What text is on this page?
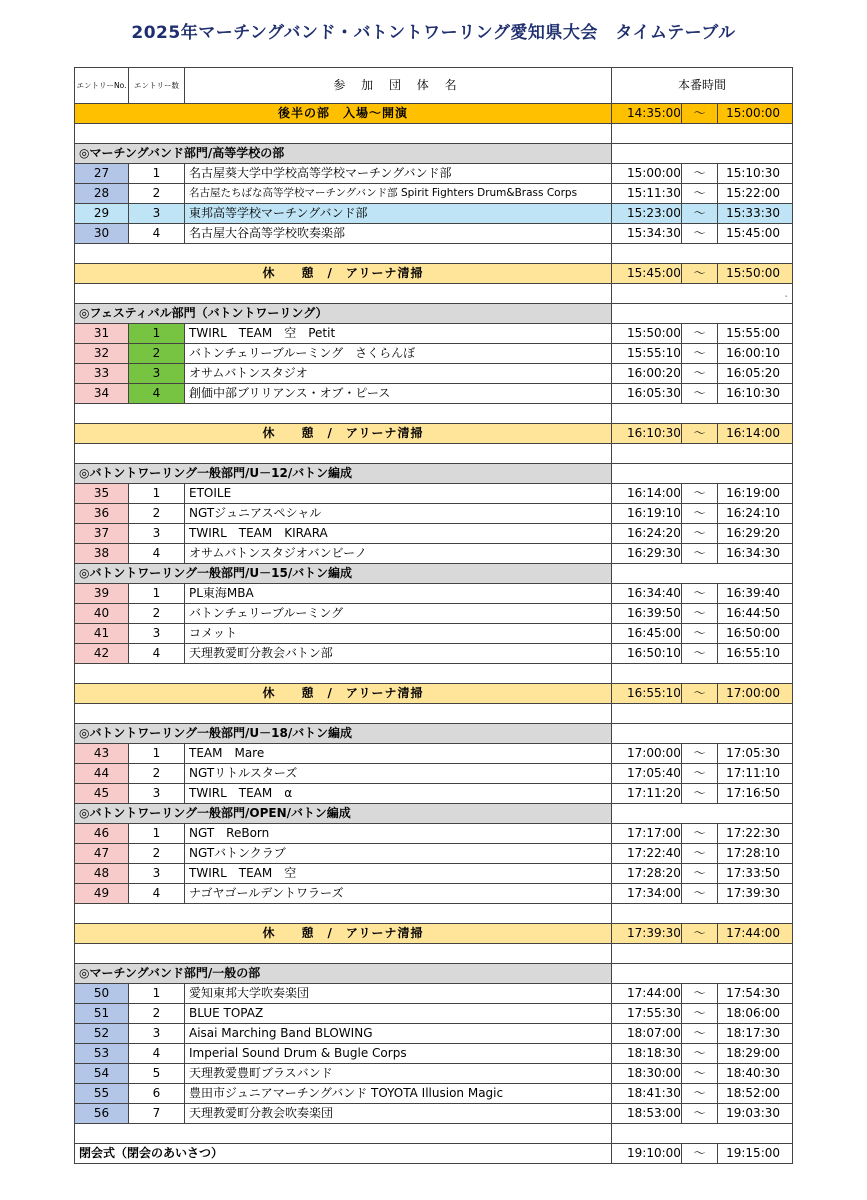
2025年マーチングバンド・バトントワーリング愛知県大会　タイムテーブル
エントリーNo.	エントリー数	参 加 団 体 名	本番時間		
後半の部　入場～開演			14:35:00	～	15:00:00

◎マーチングバンド部門/高等学校の部					
27	1	名古屋葵大学中学校高等学校マーチングバンド部	15:00:00	～	15:10:30
28	2	名古屋たちばな高等学校マーチングバンド部 Spirit Fighters Drum&Brass Corps	15:11:30	～	15:22:00
29	3	東邦高等学校マーチングバンド部	15:23:00	～	15:33:30
30	4	名古屋大谷高等学校吹奏楽部	15:34:30	～	15:45:00

休　　憩　/　アリーナ清掃			15:45:00	～	15:50:00
			.		
◎フェスティバル部門（バトントワーリング）					
31	1	TWIRL　TEAM　空　Petit	15:50:00	～	15:55:00
32	2	バトンチェリーブルーミング　さくらんぼ	15:55:10	～	16:00:10
33	3	オサムバトンスタジオ	16:00:20	～	16:05:20
34	4	創価中部ブリリアンス・オブ・ピース	16:05:30	～	16:10:30

休　　憩　/　アリーナ清掃			16:10:30	～	16:14:00

◎バトントワーリング一般部門/U－12/バトン編成					
35	1	ETOILE	16:14:00	～	16:19:00
36	2	NGTジュニアスペシャル	16:19:10	～	16:24:10
37	3	TWIRL　TEAM　KIRARA	16:24:20	～	16:29:20
38	4	オサムバトンスタジオバンビーノ	16:29:30	～	16:34:30
◎バトントワーリング一般部門/U－15/バトン編成					
39	1	PL東海MBA	16:34:40	～	16:39:40
40	2	バトンチェリーブルーミング	16:39:50	～	16:44:50
41	3	コメット	16:45:00	～	16:50:00
42	4	天理教愛町分教会バトン部	16:50:10	～	16:55:10

休　　憩　/　アリーナ清掃			16:55:10	～	17:00:00

◎バトントワーリング一般部門/U－18/バトン編成					
43	1	TEAM　Mare	17:00:00	～	17:05:30
44	2	NGTリトルスターズ	17:05:40	～	17:11:10
45	3	TWIRL　TEAM　α	17:11:20	～	17:16:50
◎バトントワーリング一般部門/OPEN/バトン編成					
46	1	NGT　ReBorn	17:17:00	～	17:22:30
47	2	NGTバトンクラブ	17:22:40	～	17:28:10
48	3	TWIRL　TEAM　空	17:28:20	～	17:33:50
49	4	ナゴヤゴールデントワラーズ	17:34:00	～	17:39:30

休　　憩　/　アリーナ清掃			17:39:30	～	17:44:00

◎マーチングバンド部門/一般の部					
50	1	愛知東邦大学吹奏楽団	17:44:00	～	17:54:30
51	2	BLUE TOPAZ	17:55:30	～	18:06:00
52	3	Aisai Marching Band BLOWING	18:07:00	～	18:17:30
53	4	Imperial Sound Drum & Bugle Corps	18:18:30	～	18:29:00
54	5	天理教愛豊町ブラスバンド	18:30:00	～	18:40:30
55	6	豊田市ジュニアマーチングバンド TOYOTA Illusion Magic	18:41:30	～	18:52:00
56	7	天理教愛町分教会吹奏楽団	18:53:00	～	19:03:30

閉会式（閉会のあいさつ）			19:10:00	～	19:15:00
